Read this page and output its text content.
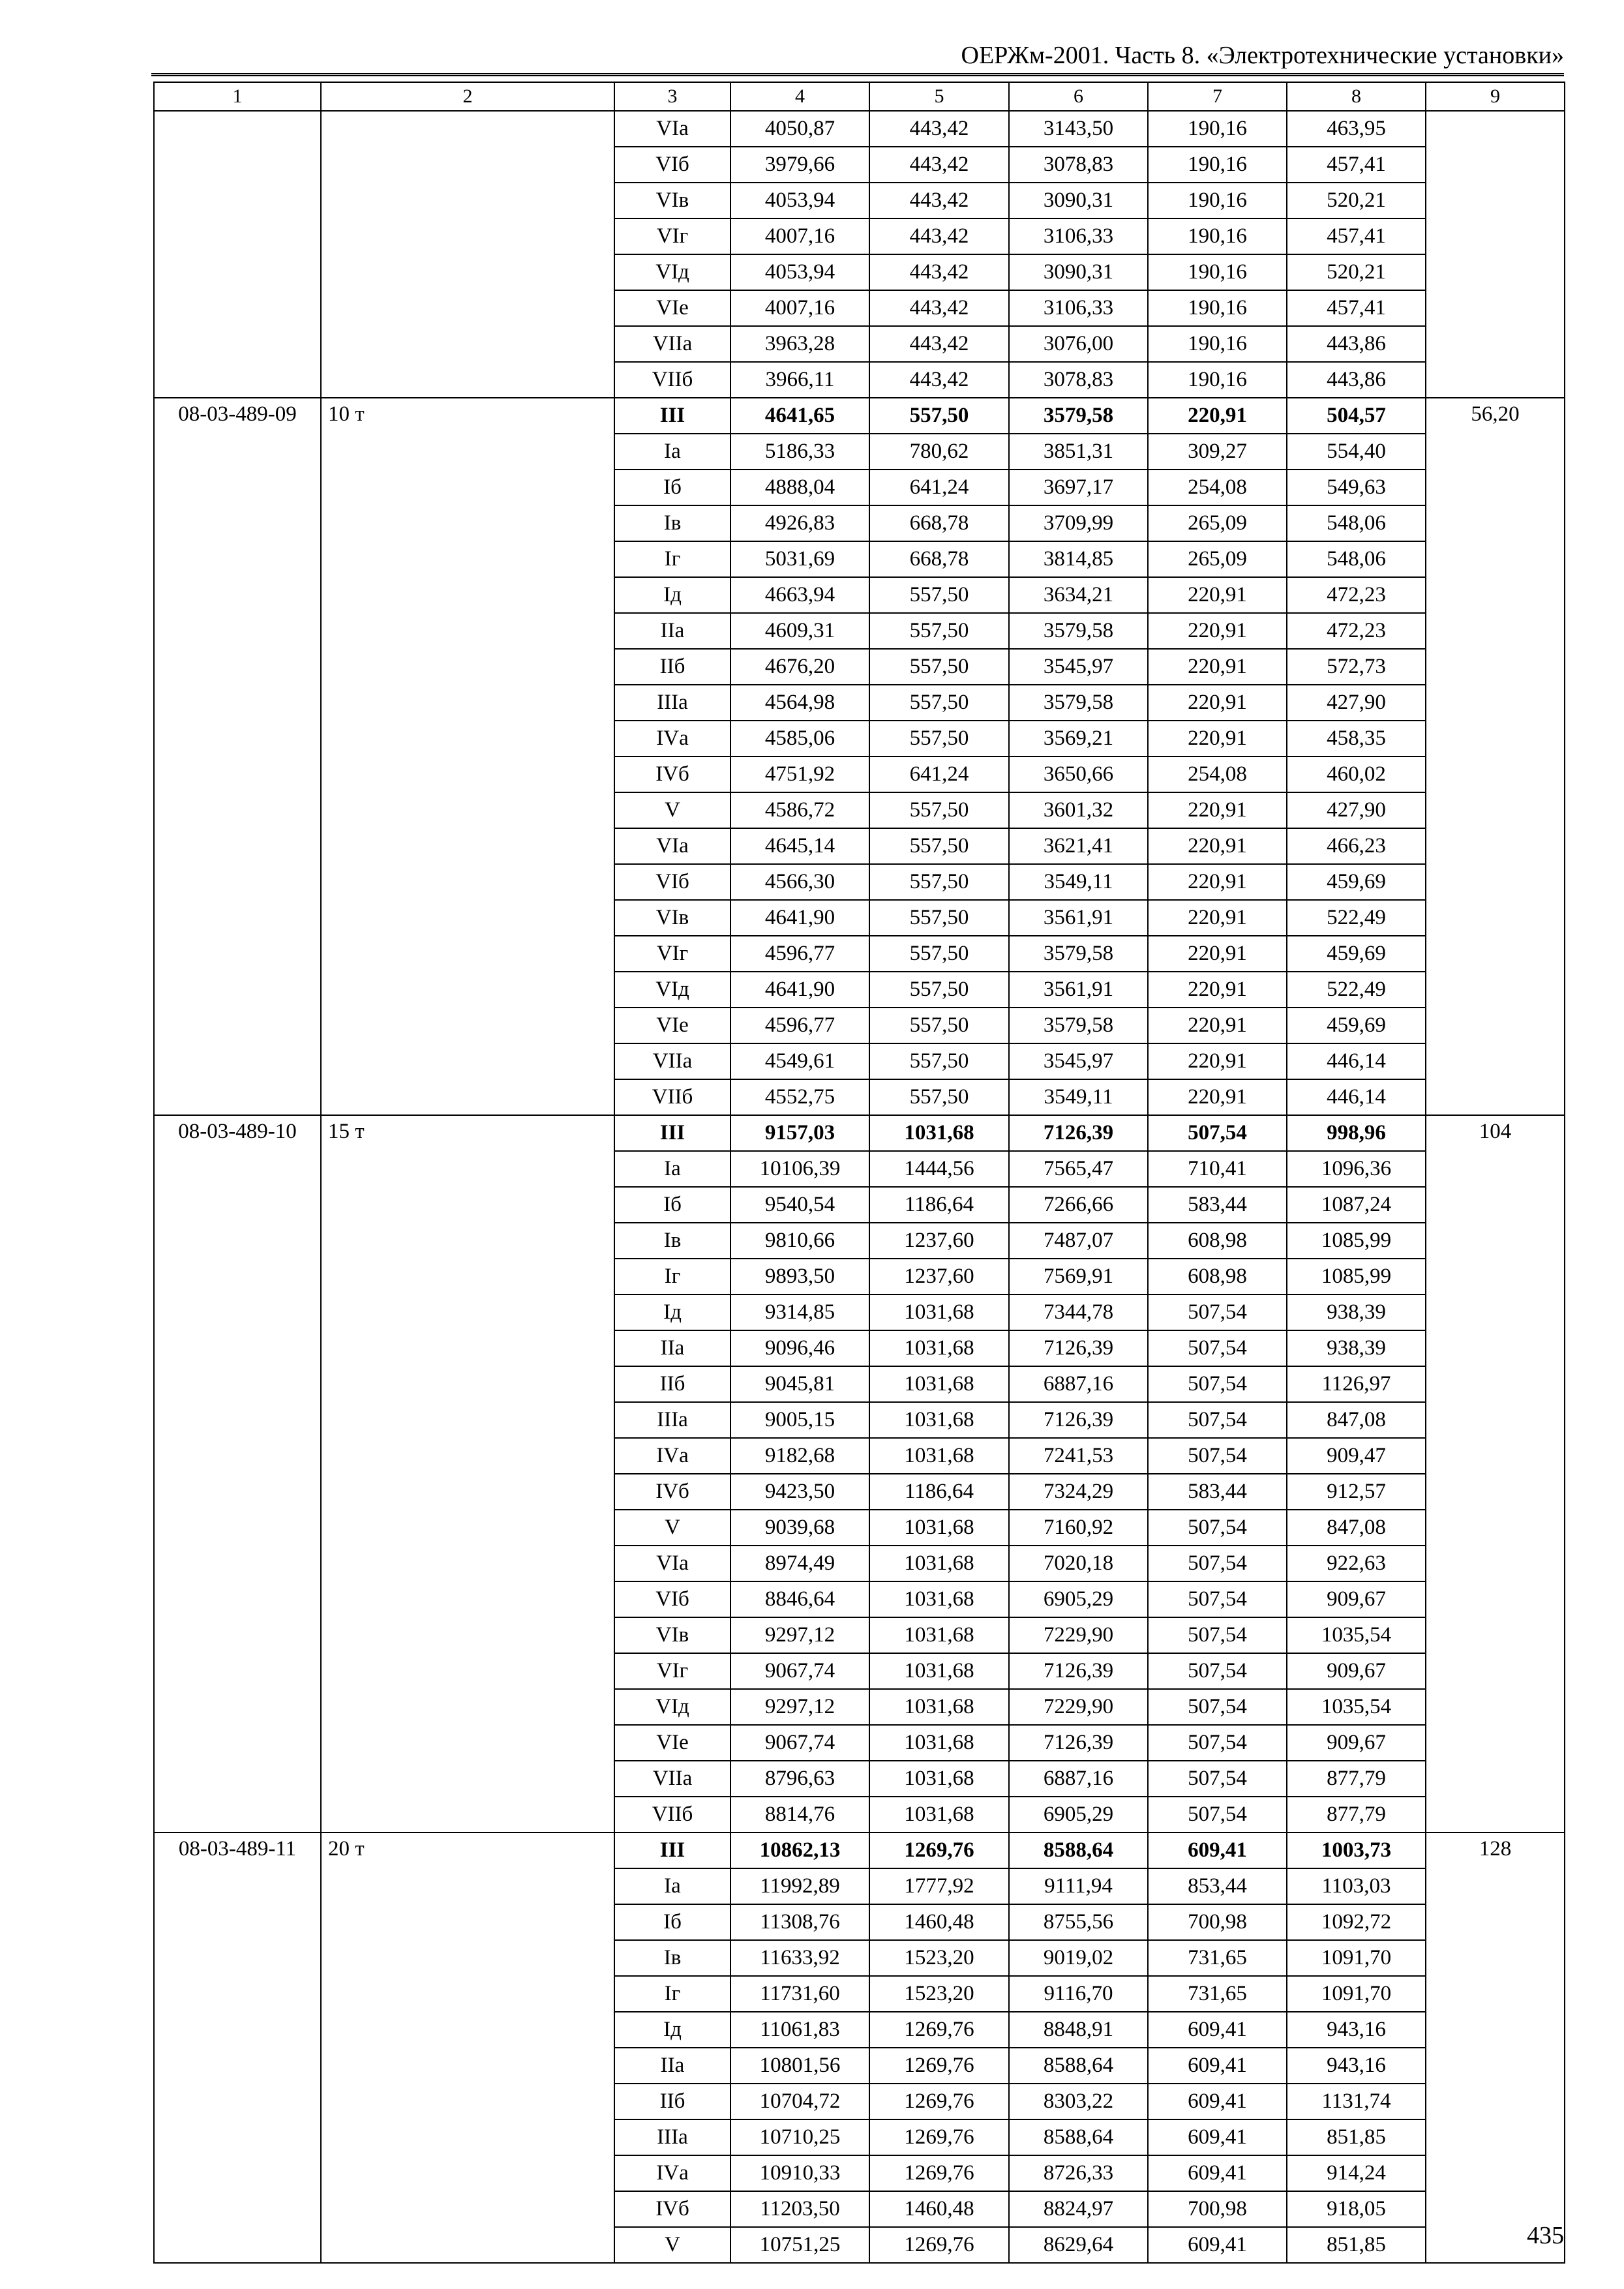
ОЕРЖм-2001. Часть 8. «Электротехнические установки»
1	2	3	4	5	6	7	8	9
		VIа	4050,87	443,42	3143,50	190,16	463,95	
		VIб	3979,66	443,42	3078,83	190,16	457,41	
		VIв	4053,94	443,42	3090,31	190,16	520,21	
		VIг	4007,16	443,42	3106,33	190,16	457,41	
		VIд	4053,94	443,42	3090,31	190,16	520,21	
		VIе	4007,16	443,42	3106,33	190,16	457,41	
		VIIа	3963,28	443,42	3076,00	190,16	443,86	
		VIIб	3966,11	443,42	3078,83	190,16	443,86	
08-03-489-09	10 т	III	4641,65	557,50	3579,58	220,91	504,57	56,20
		Iа	5186,33	780,62	3851,31	309,27	554,40	
		Iб	4888,04	641,24	3697,17	254,08	549,63	
		Iв	4926,83	668,78	3709,99	265,09	548,06	
		Iг	5031,69	668,78	3814,85	265,09	548,06	
		Iд	4663,94	557,50	3634,21	220,91	472,23	
		IIа	4609,31	557,50	3579,58	220,91	472,23	
		IIб	4676,20	557,50	3545,97	220,91	572,73	
		IIIа	4564,98	557,50	3579,58	220,91	427,90	
		IVа	4585,06	557,50	3569,21	220,91	458,35	
		IVб	4751,92	641,24	3650,66	254,08	460,02	
		V	4586,72	557,50	3601,32	220,91	427,90	
		VIа	4645,14	557,50	3621,41	220,91	466,23	
		VIб	4566,30	557,50	3549,11	220,91	459,69	
		VIв	4641,90	557,50	3561,91	220,91	522,49	
		VIг	4596,77	557,50	3579,58	220,91	459,69	
		VIд	4641,90	557,50	3561,91	220,91	522,49	
		VIе	4596,77	557,50	3579,58	220,91	459,69	
		VIIа	4549,61	557,50	3545,97	220,91	446,14	
		VIIб	4552,75	557,50	3549,11	220,91	446,14	
08-03-489-10	15 т	III	9157,03	1031,68	7126,39	507,54	998,96	104
		Iа	10106,39	1444,56	7565,47	710,41	1096,36	
		Iб	9540,54	1186,64	7266,66	583,44	1087,24	
		Iв	9810,66	1237,60	7487,07	608,98	1085,99	
		Iг	9893,50	1237,60	7569,91	608,98	1085,99	
		Iд	9314,85	1031,68	7344,78	507,54	938,39	
		IIа	9096,46	1031,68	7126,39	507,54	938,39	
		IIб	9045,81	1031,68	6887,16	507,54	1126,97	
		IIIа	9005,15	1031,68	7126,39	507,54	847,08	
		IVа	9182,68	1031,68	7241,53	507,54	909,47	
		IVб	9423,50	1186,64	7324,29	583,44	912,57	
		V	9039,68	1031,68	7160,92	507,54	847,08	
		VIа	8974,49	1031,68	7020,18	507,54	922,63	
		VIб	8846,64	1031,68	6905,29	507,54	909,67	
		VIв	9297,12	1031,68	7229,90	507,54	1035,54	
		VIг	9067,74	1031,68	7126,39	507,54	909,67	
		VIд	9297,12	1031,68	7229,90	507,54	1035,54	
		VIе	9067,74	1031,68	7126,39	507,54	909,67	
		VIIа	8796,63	1031,68	6887,16	507,54	877,79	
		VIIб	8814,76	1031,68	6905,29	507,54	877,79	
08-03-489-11	20 т	III	10862,13	1269,76	8588,64	609,41	1003,73	128
		Iа	11992,89	1777,92	9111,94	853,44	1103,03	
		Iб	11308,76	1460,48	8755,56	700,98	1092,72	
		Iв	11633,92	1523,20	9019,02	731,65	1091,70	
		Iг	11731,60	1523,20	9116,70	731,65	1091,70	
		Iд	11061,83	1269,76	8848,91	609,41	943,16	
		IIа	10801,56	1269,76	8588,64	609,41	943,16	
		IIб	10704,72	1269,76	8303,22	609,41	1131,74	
		IIIа	10710,25	1269,76	8588,64	609,41	851,85	
		IVа	10910,33	1269,76	8726,33	609,41	914,24	
		IVб	11203,50	1460,48	8824,97	700,98	918,05	
		V	10751,25	1269,76	8629,64	609,41	851,85		435
